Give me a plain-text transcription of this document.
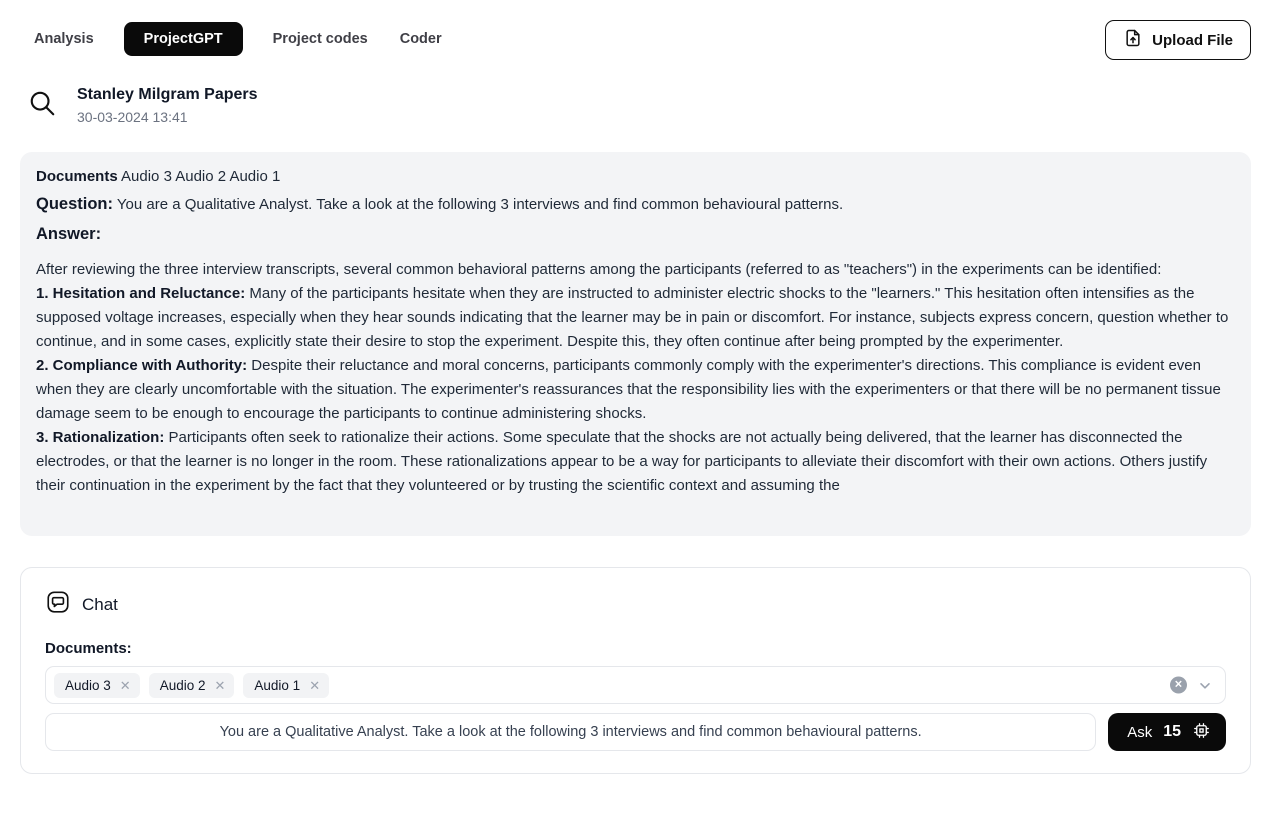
Analysis	ProjectGPT	Project codes Coder	Upload File
Stanley Milgram Papers
30-03-2024 13:41
Documents Audio 3 Audio 2 Audio 1
Question: You are a Qualitative Analyst. Take a look at the following 3 interviews and find common behavioural patterns.
Answer:

After reviewing the three interview transcripts, several common behavioral patterns among the participants (referred to as "teachers") in the experiments can be identified:

1. Hesitation and Reluctance: Many of the participants hesitate when they are instructed to administer electric shocks to the "learners." This hesitation often intensifies as the supposed voltage increases, especially when they hear sounds indicating that the learner may be in pain or discomfort. For instance, subjects express concern, question whether to continue, and in some cases, explicitly state their desire to stop the experiment. Despite this, they often continue after being prompted by the experimenter.

2. Compliance with Authority: Despite their reluctance and moral concerns, participants commonly comply with the experimenter's directions. This compliance is evident even when they are clearly uncomfortable with the situation. The experimenter's reassurances that the responsibility lies with the experimenters or that there will be no permanent tissue damage seem to be enough to encourage the participants to continue administering shocks.

3. Rationalization: Participants often seek to rationalize their actions. Some speculate that the shocks are not actually being delivered, that the learner has disconnected the electrodes, or that the learner is no longer in the room. These rationalizations appear to be a way for participants to alleviate their discomfort with their own actions. Others justify their continuation in the experiment by the fact that they volunteered or by trusting the scientific context and assuming the

Chat
Documents:
Audio 3 ✕ Audio 2 ✕ Audio 1 ✕	✕
You are a Qualitative Analyst. Take a look at the following 3 interviews and find common behavioural patterns.
Ask 15
